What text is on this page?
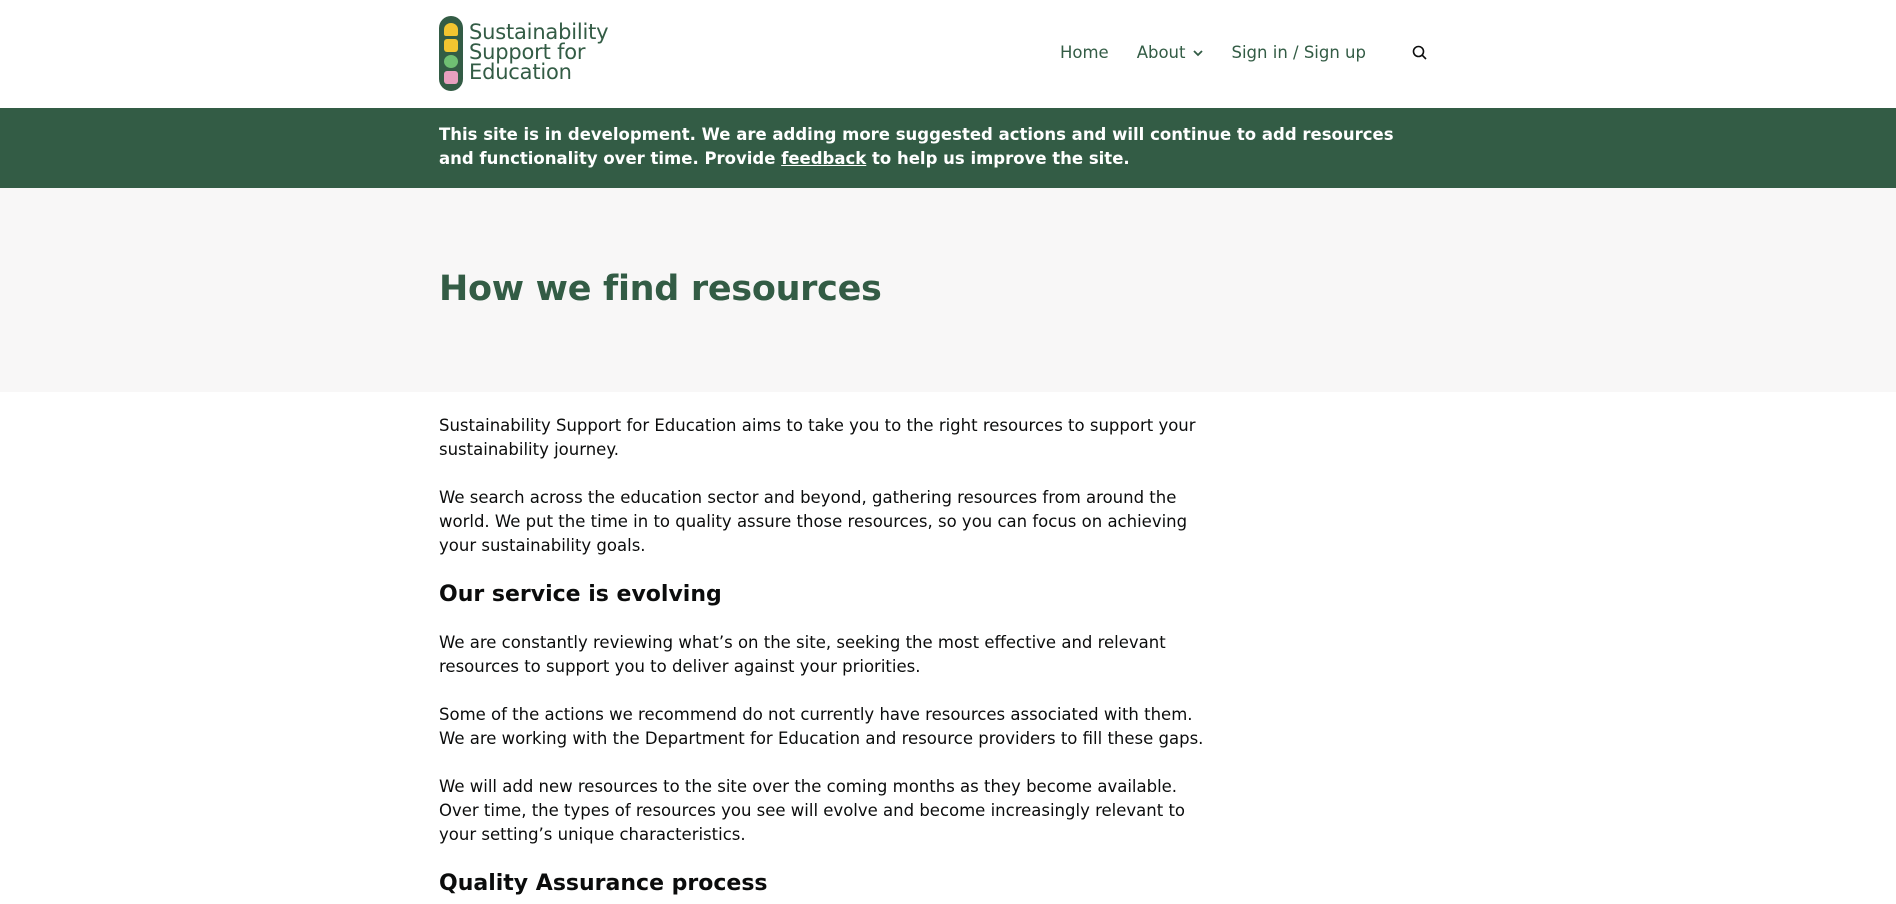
Sustainability
Support for
Education
Home About	Sign in / Sign up

This site is in development. We are adding more suggested actions and will continue to add resources and functionality over time. Provide feedback to help us improve the site.

How we find resources

Sustainability Support for Education aims to take you to the right resources to support your sustainability journey.

We search across the education sector and beyond, gathering resources from around the world. We put the time in to quality assure those resources, so you can focus on achieving your sustainability goals.

Our service is evolving

We are constantly reviewing what’s on the site, seeking the most effective and relevant resources to support you to deliver against your priorities.

Some of the actions we recommend do not currently have resources associated with them. We are working with the Department for Education and resource providers to fill these gaps.

We will add new resources to the site over the coming months as they become available. Over time, the types of resources you see will evolve and become increasingly relevant to your setting’s unique characteristics.

Quality Assurance process
